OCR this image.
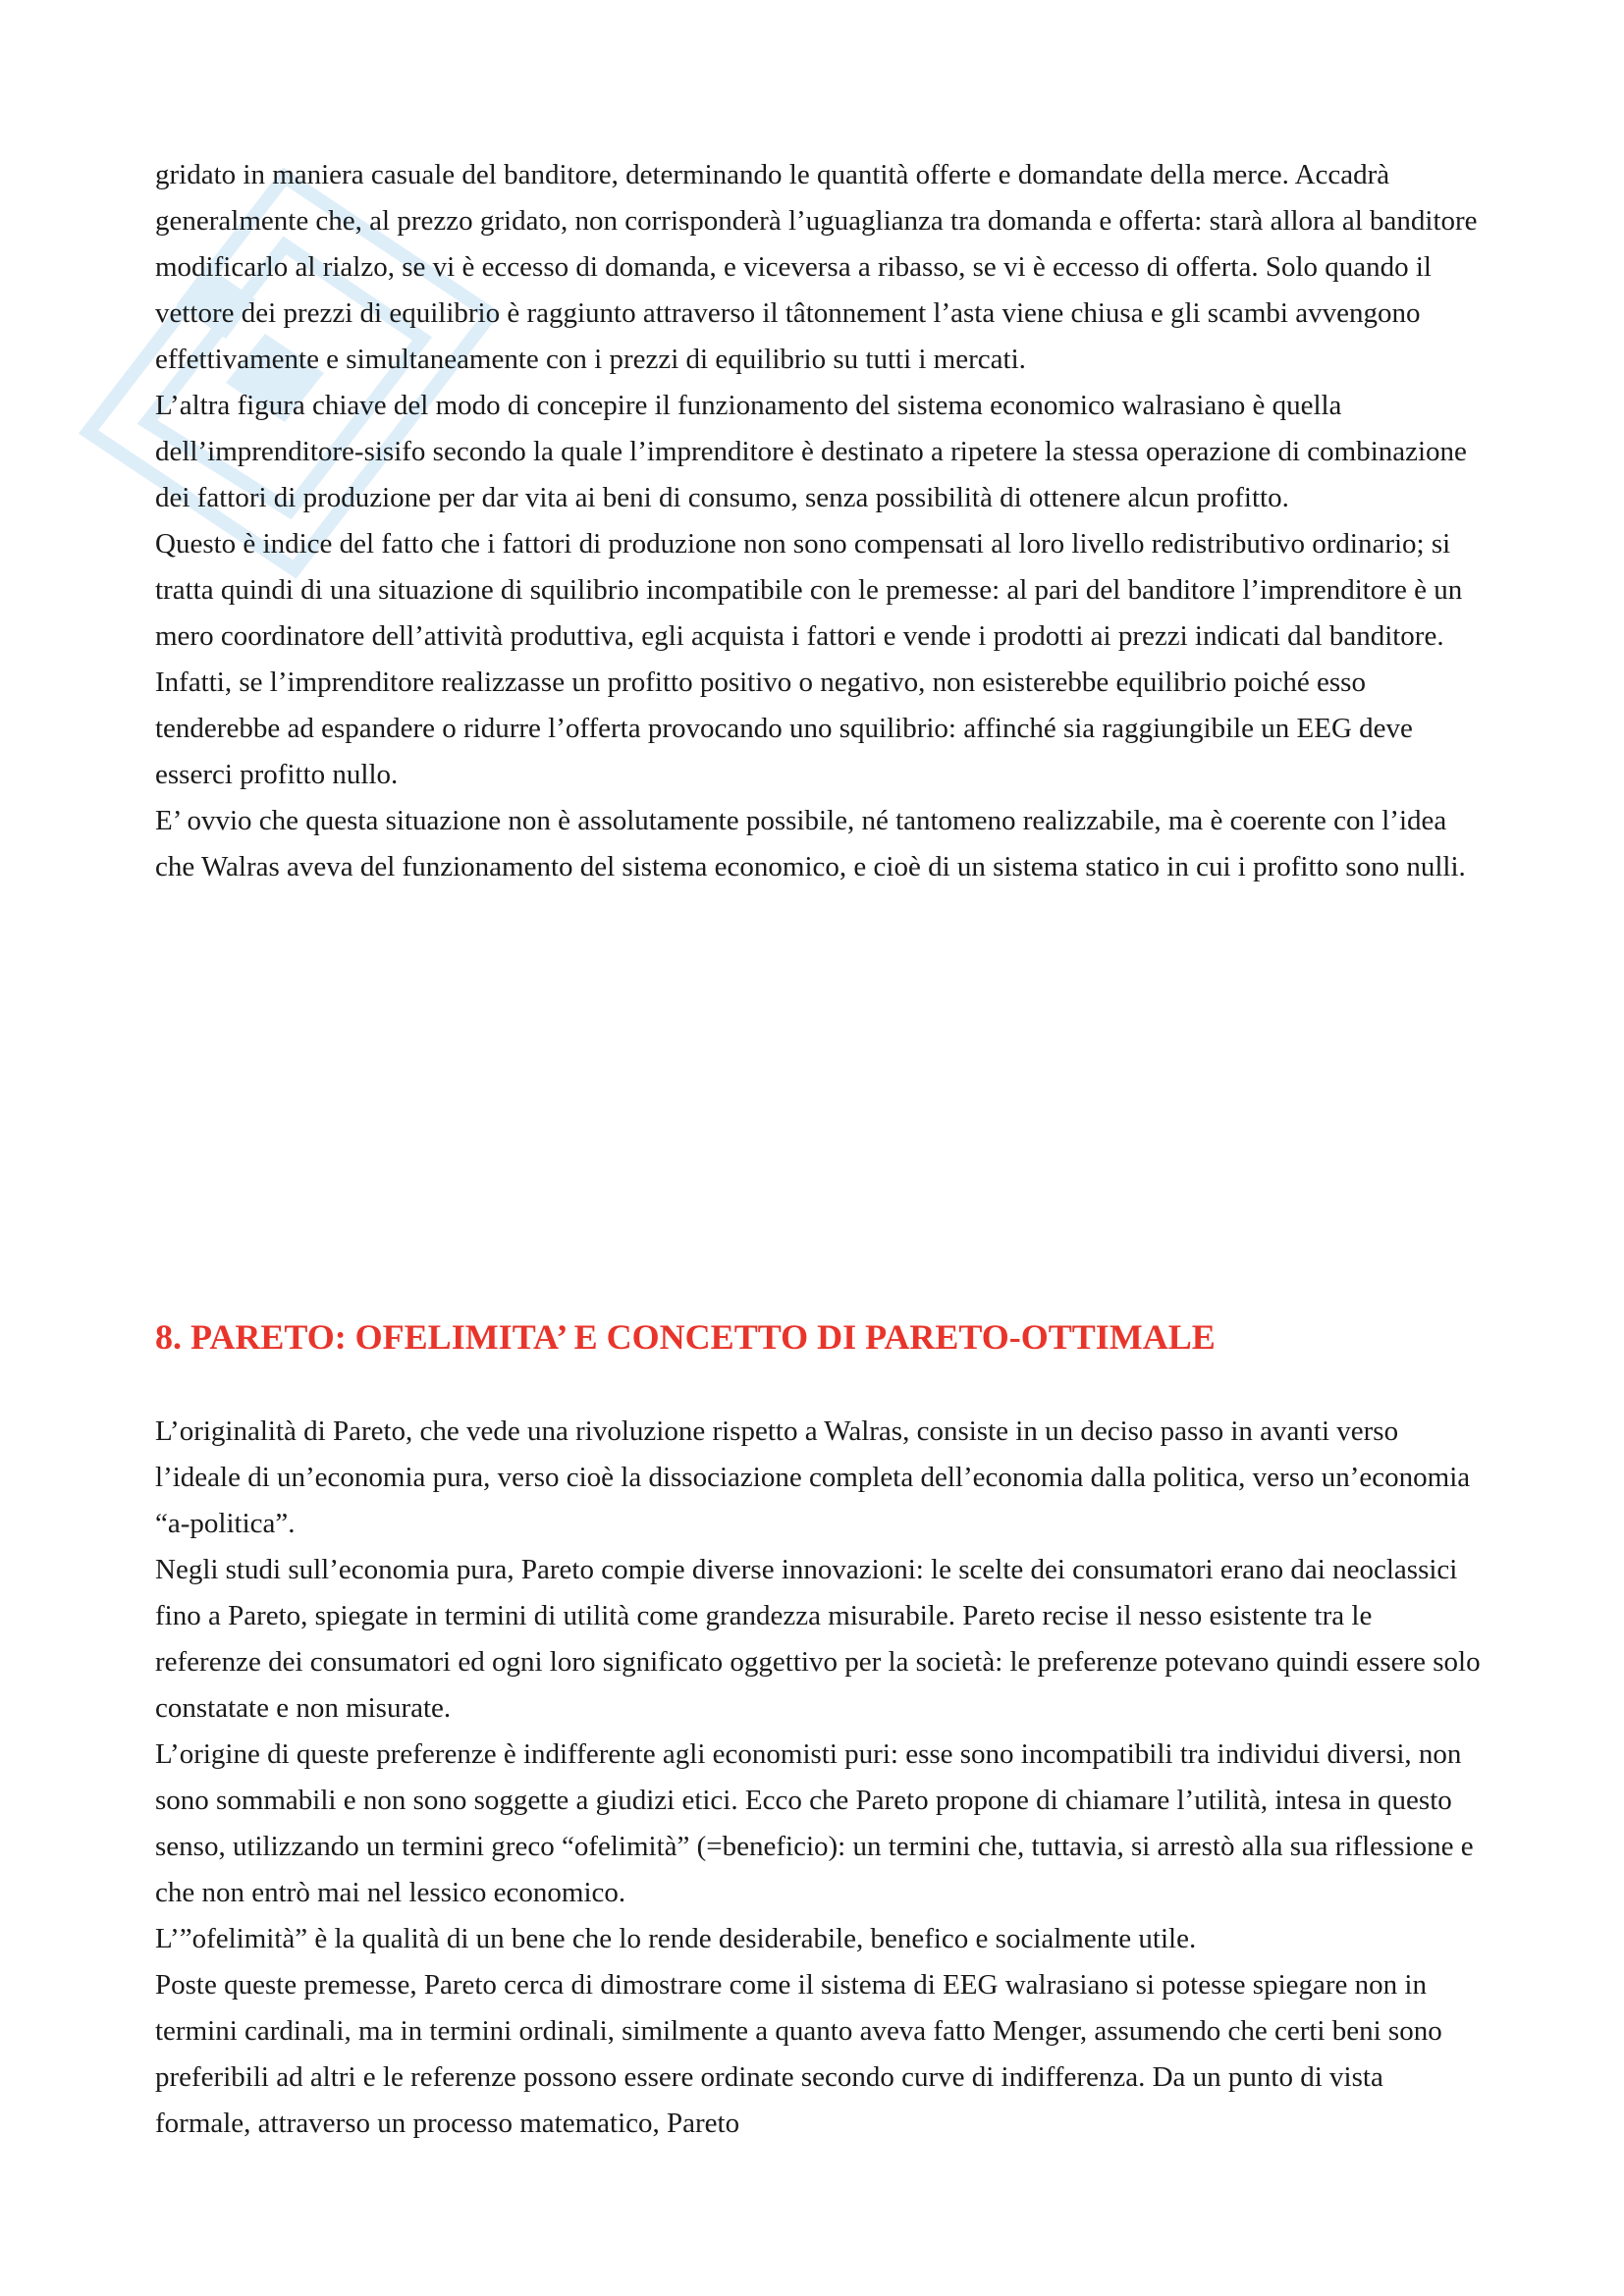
gridato in maniera casuale del banditore, determinando le quantità offerte e domandate della merce. Accadrà generalmente che, al prezzo gridato, non corrisponderà l’uguaglianza tra domanda e offerta: starà allora al banditore modificarlo al rialzo, se vi è eccesso di domanda, e viceversa a ribasso, se vi è eccesso di offerta. Solo quando il vettore dei prezzi di equilibrio è raggiunto attraverso il tâtonnement l’asta viene chiusa e gli scambi avvengono effettivamente e simultaneamente con i prezzi di equilibrio su tutti i mercati.

L’altra figura chiave del modo di concepire il funzionamento del sistema economico walrasiano è quella dell’imprenditore-sisifo secondo la quale l’imprenditore è destinato a ripetere la stessa operazione di combinazione dei fattori di produzione per dar vita ai beni di consumo, senza possibilità di ottenere alcun profitto.

Questo è indice del fatto che i fattori di produzione non sono compensati al loro livello redistributivo ordinario; si tratta quindi di una situazione di squilibrio incompatibile con le premesse: al pari del banditore l’imprenditore è un mero coordinatore dell’attività produttiva, egli acquista i fattori e vende i prodotti ai prezzi indicati dal banditore.

Infatti, se l’imprenditore realizzasse un profitto positivo o negativo, non esisterebbe equilibrio poiché esso tenderebbe ad espandere o ridurre l’offerta provocando uno squilibrio: affinché sia raggiungibile un EEG deve esserci profitto nullo.

E’ ovvio che questa situazione non è assolutamente possibile, né tantomeno realizzabile, ma è coerente con l’idea che Walras aveva del funzionamento del sistema economico, e cioè di un sistema statico in cui i profitto sono nulli.

8. PARETO: OFELIMITA’ E CONCETTO DI PARETO-OTTIMALE

L’originalità di Pareto, che vede una rivoluzione rispetto a Walras, consiste in un deciso passo in avanti verso l’ideale di un’economia pura, verso cioè la dissociazione completa dell’economia dalla politica, verso un’economia “a-politica”.

Negli studi sull’economia pura, Pareto compie diverse innovazioni: le scelte dei consumatori erano dai neoclassici fino a Pareto, spiegate in termini di utilità come grandezza misurabile. Pareto recise il nesso esistente tra le referenze dei consumatori ed ogni loro significato oggettivo per la società: le preferenze potevano quindi essere solo constatate e non misurate.

L’origine di queste preferenze è indifferente agli economisti puri: esse sono incompatibili tra individui diversi, non sono sommabili e non sono soggette a giudizi etici. Ecco che Pareto propone di chiamare l’utilità, intesa in questo senso, utilizzando un termini greco “ofelimità” (=beneficio): un termini che, tuttavia, si arrestò alla sua riflessione e che non entrò mai nel lessico economico.

L’”ofelimità” è la qualità di un bene che lo rende desiderabile, benefico e socialmente utile.

Poste queste premesse, Pareto cerca di dimostrare come il sistema di EEG walrasiano si potesse spiegare non in termini cardinali, ma in termini ordinali, similmente a quanto aveva fatto Menger, assumendo che certi beni sono preferibili ad altri e le referenze possono essere ordinate secondo curve di indifferenza. Da un punto di vista formale, attraverso un processo matematico, Pareto
